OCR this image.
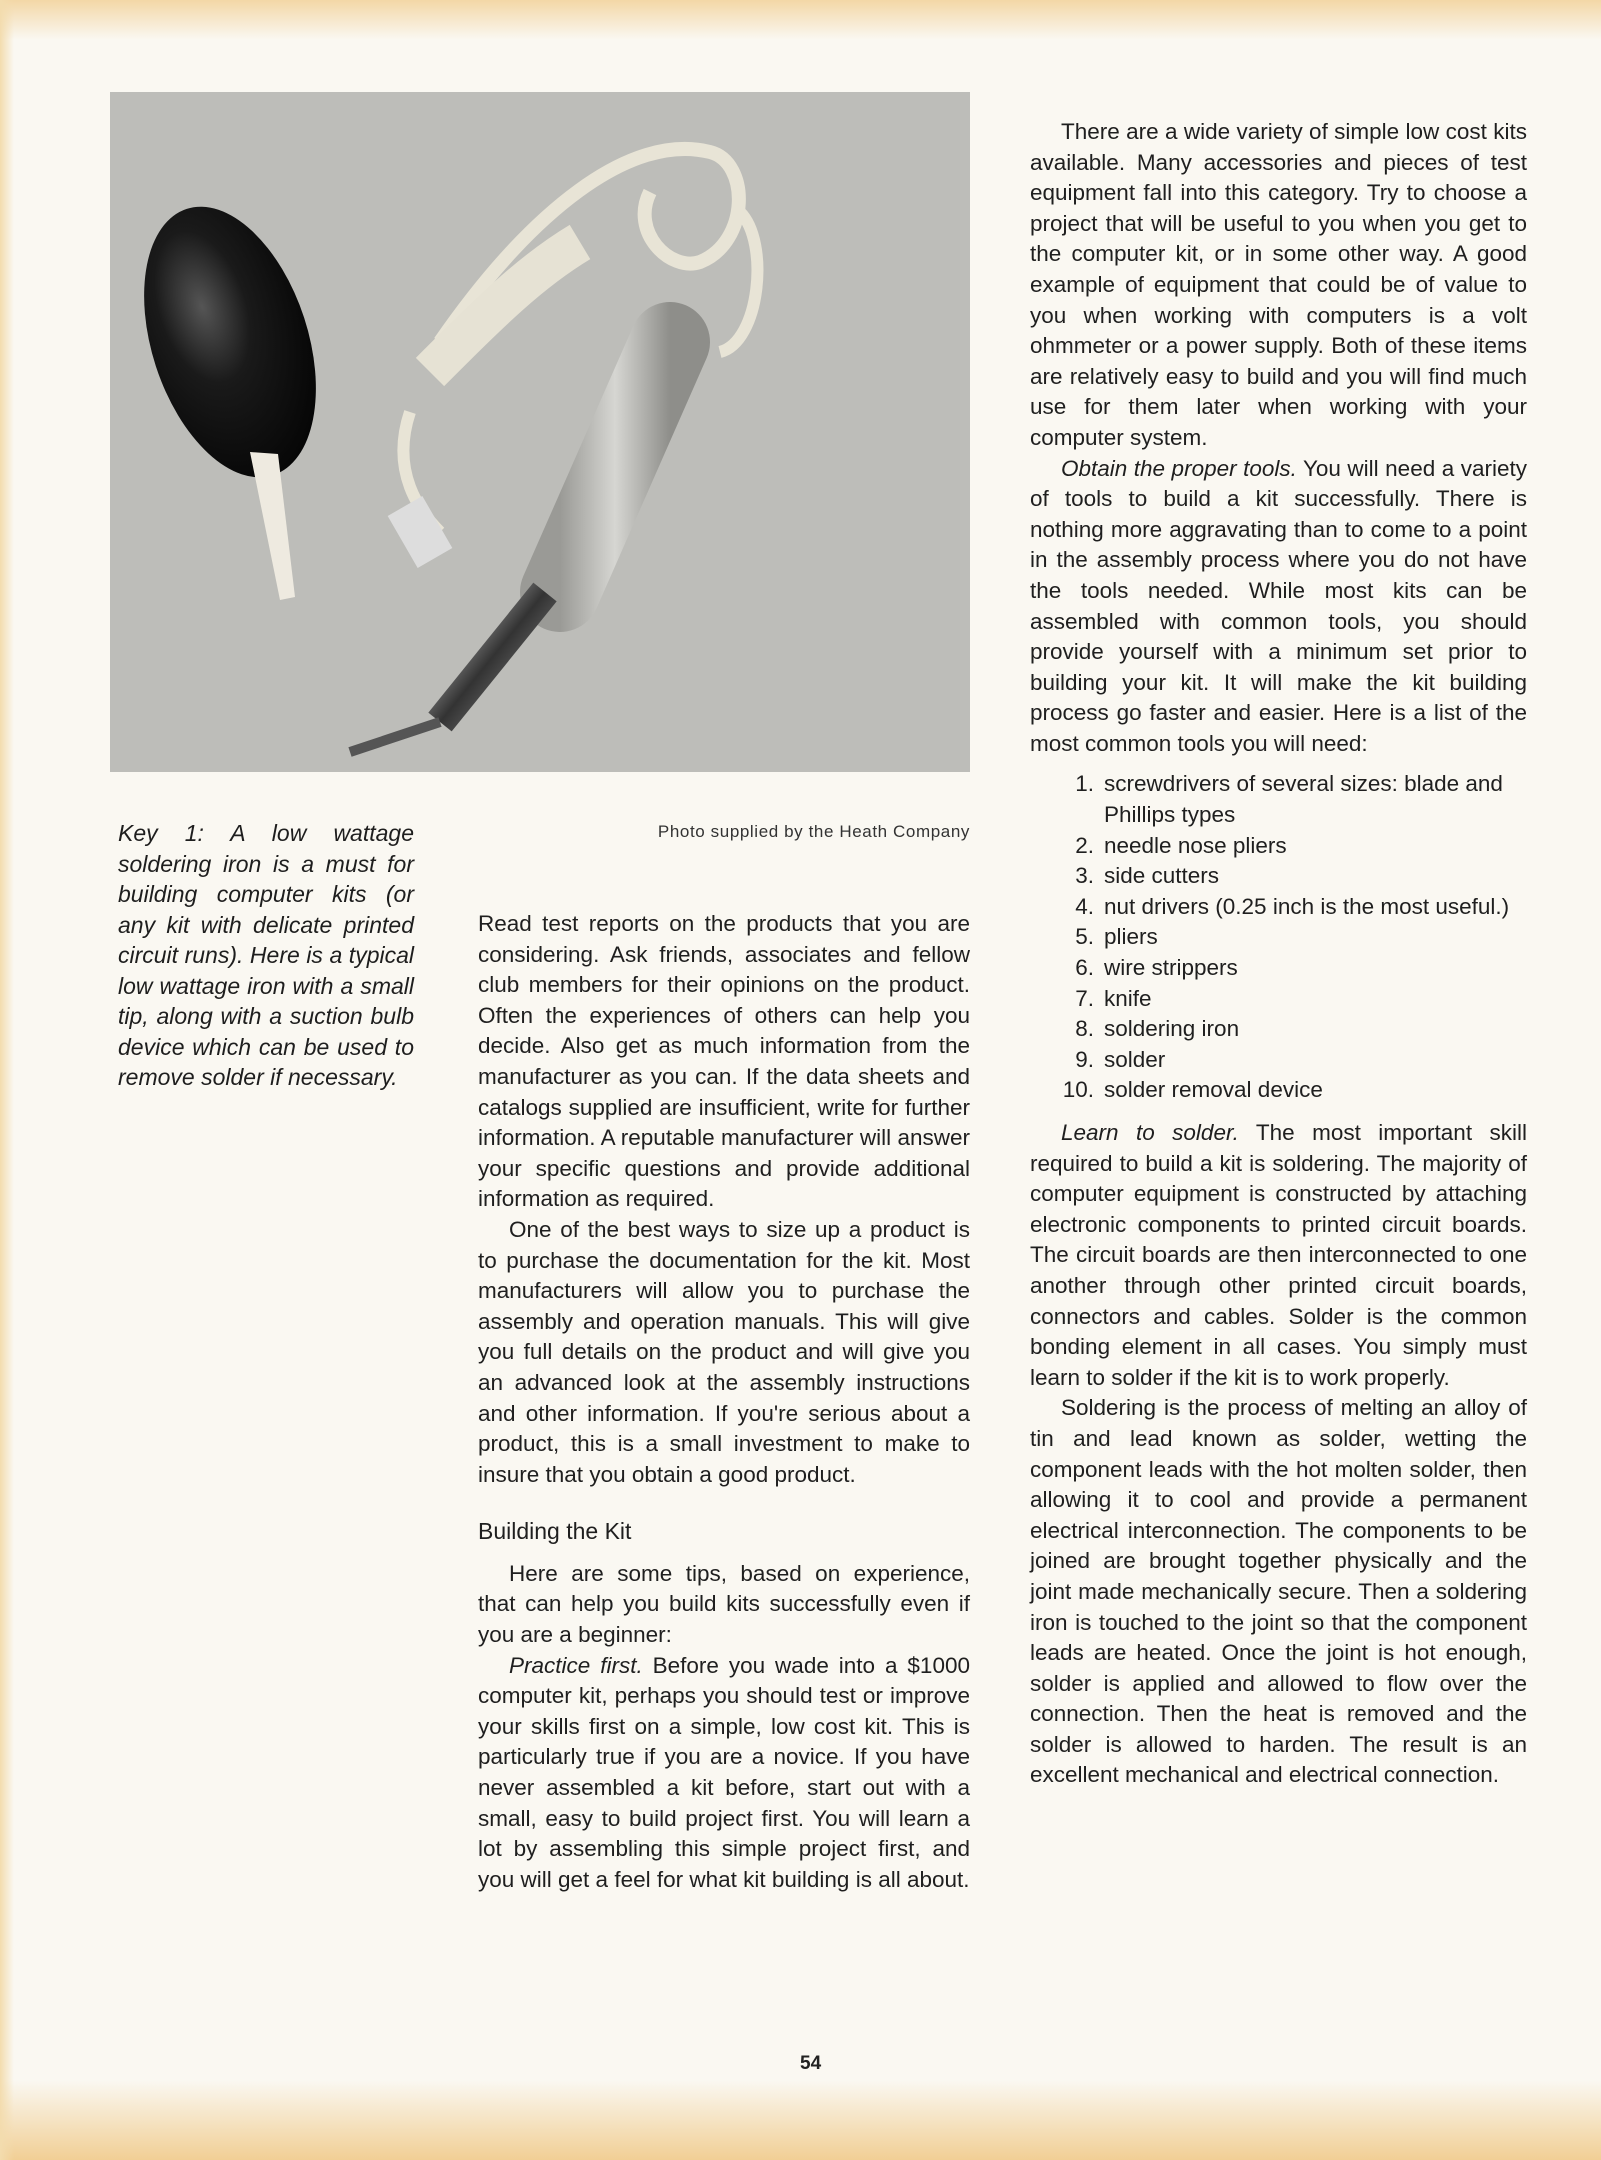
Key 1: A low wattage soldering iron is a must for building computer kits (or any kit with delicate printed circuit runs). Here is a typical low wattage iron with a small tip, along with a suction bulb device which can be used to remove solder if necessary.
Photo supplied by the Heath Company

Read test reports on the products that you are considering. Ask friends, associates and fellow club members for their opinions on the product. Often the experiences of others can help you decide. Also get as much information from the manufacturer as you can. If the data sheets and catalogs supplied are insufficient, write for further information. A reputable manufacturer will answer your specific questions and provide additional information as required.

One of the best ways to size up a product is to purchase the documentation for the kit. Most manufacturers will allow you to purchase the assembly and operation manuals. This will give you full details on the product and will give you an advanced look at the assembly instructions and other information. If you're serious about a product, this is a small investment to make to insure that you obtain a good product.

Building the Kit

Here are some tips, based on experience, that can help you build kits successfully even if you are a beginner:

Practice first. Before you wade into a $1000 computer kit, perhaps you should test or improve your skills first on a simple, low cost kit. This is particularly true if you are a novice. If you have never assembled a kit before, start out with a small, easy to build project first. You will learn a lot by assembling this simple project first, and you will get a feel for what kit building is all about.

There are a wide variety of simple low cost kits available. Many accessories and pieces of test equipment fall into this category. Try to choose a project that will be useful to you when you get to the computer kit, or in some other way. A good example of equipment that could be of value to you when working with computers is a volt ohmmeter or a power supply. Both of these items are relatively easy to build and you will find much use for them later when working with your computer system.

Obtain the proper tools. You will need a variety of tools to build a kit successfully. There is nothing more aggravating than to come to a point in the assembly process where you do not have the tools needed. While most kits can be assembled with common tools, you should provide yourself with a minimum set prior to building your kit. It will make the kit building process go faster and easier. Here is a list of the most common tools you will need:

1. screwdrivers of several sizes: blade and Phillips types
2. needle nose pliers
3. side cutters
4. nut drivers (0.25 inch is the most useful.)
5. pliers
6. wire strippers
7. knife
8. soldering iron
9. solder
10. solder removal device

Learn to solder. The most important skill required to build a kit is soldering. The majority of computer equipment is constructed by attaching electronic components to printed circuit boards. The circuit boards are then interconnected to one another through other printed circuit boards, connectors and cables. Solder is the common bonding element in all cases. You simply must learn to solder if the kit is to work properly.

Soldering is the process of melting an alloy of tin and lead known as solder, wetting the component leads with the hot molten solder, then allowing it to cool and provide a permanent electrical interconnection. The components to be joined are brought together physically and the joint made mechanically secure. Then a soldering iron is touched to the joint so that the component leads are heated. Once the joint is hot enough, solder is applied and allowed to flow over the connection. Then the heat is removed and the solder is allowed to harden. The result is an excellent mechanical and electrical connection.

54
